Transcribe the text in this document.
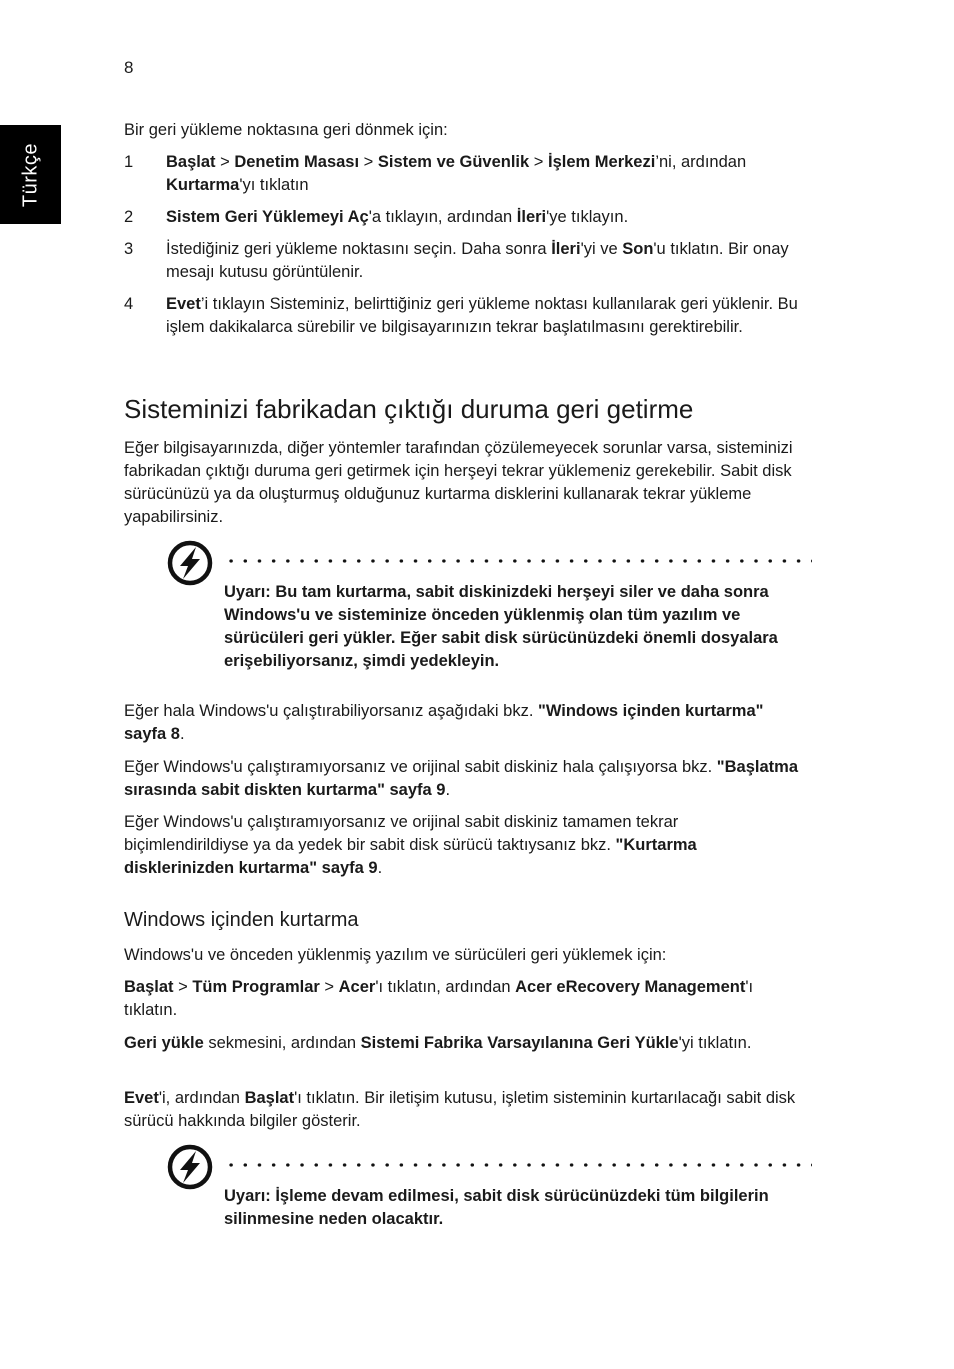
8
Türkçe

Bir geri yükleme noktasına geri dönmek için:

1	Başlat > Denetim Masası > Sistem ve Güvenlik > İşlem Merkezi’ni, ardından Kurtarma'yı tıklatın

2	Sistem Geri Yüklemeyi Aç'a tıklayın, ardından İleri'ye tıklayın.

3	İstediğiniz geri yükleme noktasını seçin. Daha sonra İleri'yi ve Son'u tıklatın. Bir onay mesajı kutusu görüntülenir.

4	Evet’i tıklayın Sisteminiz, belirttiğiniz geri yükleme noktası kullanılarak geri yüklenir. Bu işlem dakikalarca sürebilir ve bilgisayarınızın tekrar başlatılmasını gerektirebilir.

Sisteminizi fabrikadan çıktığı duruma geri getirme

Eğer bilgisayarınızda, diğer yöntemler tarafından çözülemeyecek sorunlar varsa, sisteminizi fabrikadan çıktığı duruma geri getirmek için herşeyi tekrar yüklemeniz gerekebilir. Sabit disk sürücünüzü ya da oluşturmuş olduğunuz kurtarma disklerini kullanarak tekrar yükleme yapabilirsiniz.

Uyarı: Bu tam kurtarma, sabit diskinizdeki herşeyi siler ve daha sonra Windows'u ve sisteminize önceden yüklenmiş olan tüm yazılım ve sürücüleri geri yükler. Eğer sabit disk sürücünüzdeki önemli dosyalara erişebiliyorsanız, şimdi yedekleyin.

Eğer hala Windows'u çalıştırabiliyorsanız aşağıdaki bkz. "Windows içinden kurtarma" sayfa 8.

Eğer Windows'u çalıştıramıyorsanız ve orijinal sabit diskiniz hala çalışıyorsa bkz. "Başlatma sırasında sabit diskten kurtarma" sayfa 9.

Eğer Windows'u çalıştıramıyorsanız ve orijinal sabit diskiniz tamamen tekrar biçimlendirildiyse ya da yedek bir sabit disk sürücü taktıysanız bkz. "Kurtarma disklerinizden kurtarma" sayfa 9.

Windows içinden kurtarma

Windows'u ve önceden yüklenmiş yazılım ve sürücüleri geri yüklemek için:

Başlat > Tüm Programlar > Acer'ı tıklatın, ardından Acer eRecovery Management'ı tıklatın.

Geri yükle sekmesini, ardından Sistemi Fabrika Varsayılanına Geri Yükle'yi tıklatın.

Evet'i, ardından Başlat'ı tıklatın. Bir iletişim kutusu, işletim sisteminin kurtarılacağı sabit disk sürücü hakkında bilgiler gösterir.

Uyarı: İşleme devam edilmesi, sabit disk sürücünüzdeki tüm bilgilerin silinmesine neden olacaktır.
